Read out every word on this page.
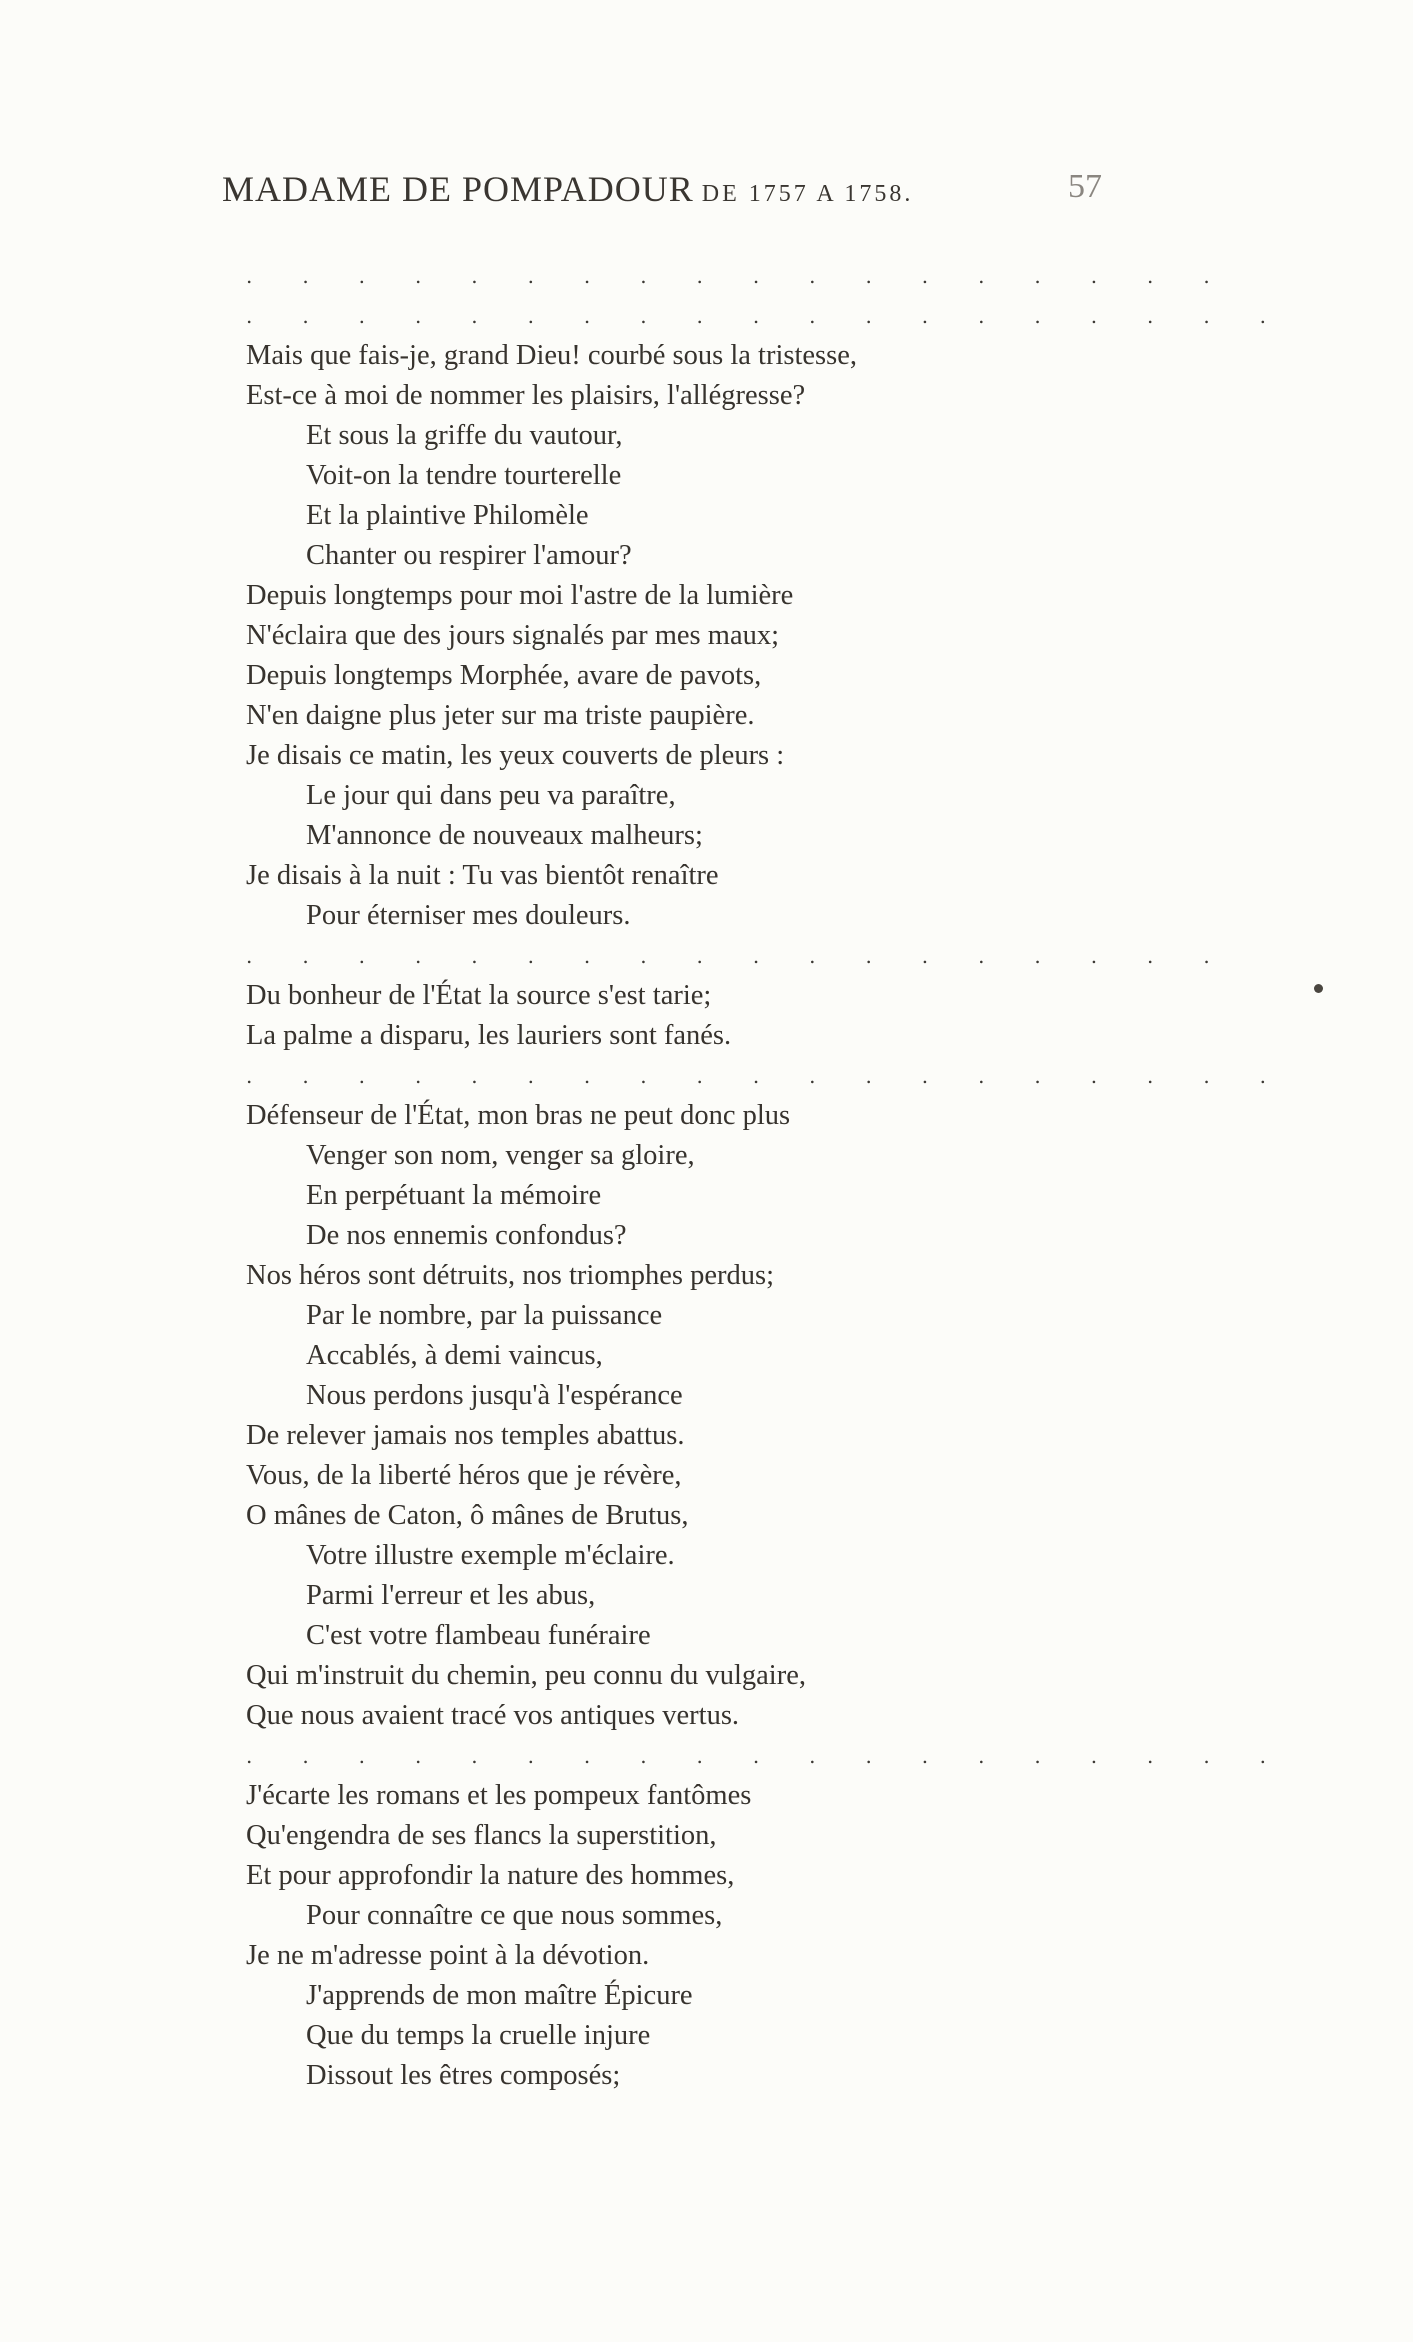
MADAME DE POMPADOUR DE 1757 A 1758.	57
. . . . . . . . . . . . . . . . . .
. . . . . . . . . . . . . . . . . . .
Mais que fais-je, grand Dieu! courbé sous la tristesse,
Est-ce à moi de nommer les plaisirs, l'allégresse?
Et sous la griffe du vautour,
Voit-on la tendre tourterelle
Et la plaintive Philomèle
Chanter ou respirer l'amour?
Depuis longtemps pour moi l'astre de la lumière
N'éclaira que des jours signalés par mes maux;
Depuis longtemps Morphée, avare de pavots,
N'en daigne plus jeter sur ma triste paupière.
Je disais ce matin, les yeux couverts de pleurs :
Le jour qui dans peu va paraître,
M'annonce de nouveaux malheurs;
Je disais à la nuit : Tu vas bientôt renaître
Pour éterniser mes douleurs.
. . . . . . . . . . . . . . . . . .
Du bonheur de l'État la source s'est tarie;
La palme a disparu, les lauriers sont fanés.
. . . . . . . . . . . . . . . . . . .
Défenseur de l'État, mon bras ne peut donc plus
Venger son nom, venger sa gloire,
En perpétuant la mémoire
De nos ennemis confondus?
Nos héros sont détruits, nos triomphes perdus;
Par le nombre, par la puissance
Accablés, à demi vaincus,
Nous perdons jusqu'à l'espérance
De relever jamais nos temples abattus.
Vous, de la liberté héros que je révère,
O mânes de Caton, ô mânes de Brutus,
Votre illustre exemple m'éclaire.
Parmi l'erreur et les abus,
C'est votre flambeau funéraire
Qui m'instruit du chemin, peu connu du vulgaire,
Que nous avaient tracé vos antiques vertus.
. . . . . . . . . . . . . . . . . . .
J'écarte les romans et les pompeux fantômes
Qu'engendra de ses flancs la superstition,
Et pour approfondir la nature des hommes,
Pour connaître ce que nous sommes,
Je ne m'adresse point à la dévotion.
J'apprends de mon maître Épicure
Que du temps la cruelle injure
Dissout les êtres composés;
